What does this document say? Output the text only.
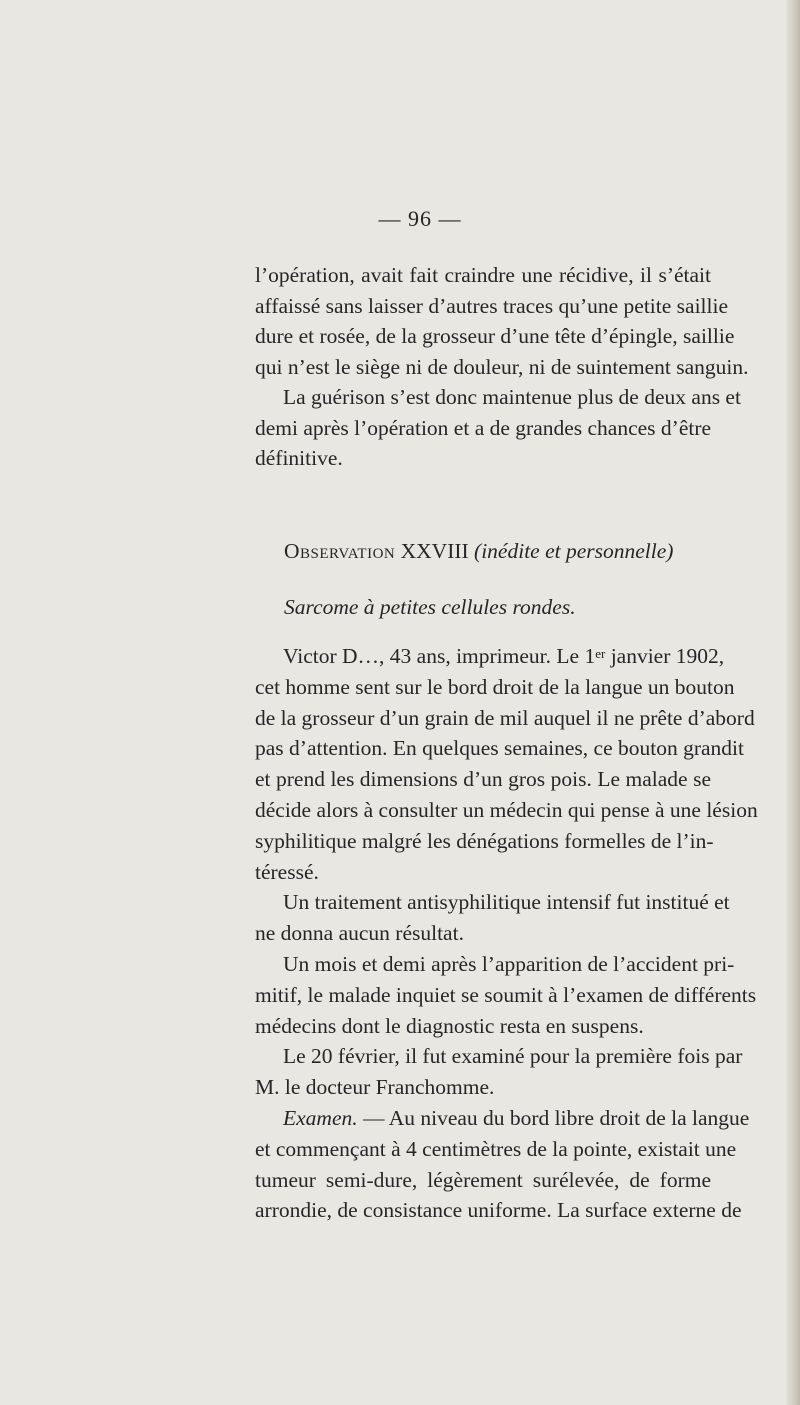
— 96 —
l’opération, avait fait craindre une récidive, il s’était
affaissé sans laisser d’autres traces qu’une petite saillie
dure et rosée, de la grosseur d’une tête d’épingle, saillie
qui n’est le siège ni de douleur, ni de suintement sanguin.
La guérison s’est donc maintenue plus de deux ans et
demi après l’opération et a de grandes chances d’être
définitive.
Observation XXVIII (inédite et personnelle)
Sarcome à petites cellules rondes.
Victor D…, 43 ans, imprimeur. Le 1er janvier 1902,
cet homme sent sur le bord droit de la langue un bouton
de la grosseur d’un grain de mil auquel il ne prête d’abord
pas d’attention. En quelques semaines, ce bouton grandit
et prend les dimensions d’un gros pois. Le malade se
décide alors à consulter un médecin qui pense à une lésion
syphilitique malgré les dénégations formelles de l’in-
téressé.
Un traitement antisyphilitique intensif fut institué et
ne donna aucun résultat.
Un mois et demi après l’apparition de l’accident pri-
mitif, le malade inquiet se soumit à l’examen de différents
médecins dont le diagnostic resta en suspens.
Le 20 février, il fut examiné pour la première fois par
M. le docteur Franchomme.
Examen. — Au niveau du bord libre droit de la langue
et commençant à 4 centimètres de la pointe, existait une
tumeur semi-dure, légèrement surélevée, de forme
arrondie, de consistance uniforme. La surface externe de
